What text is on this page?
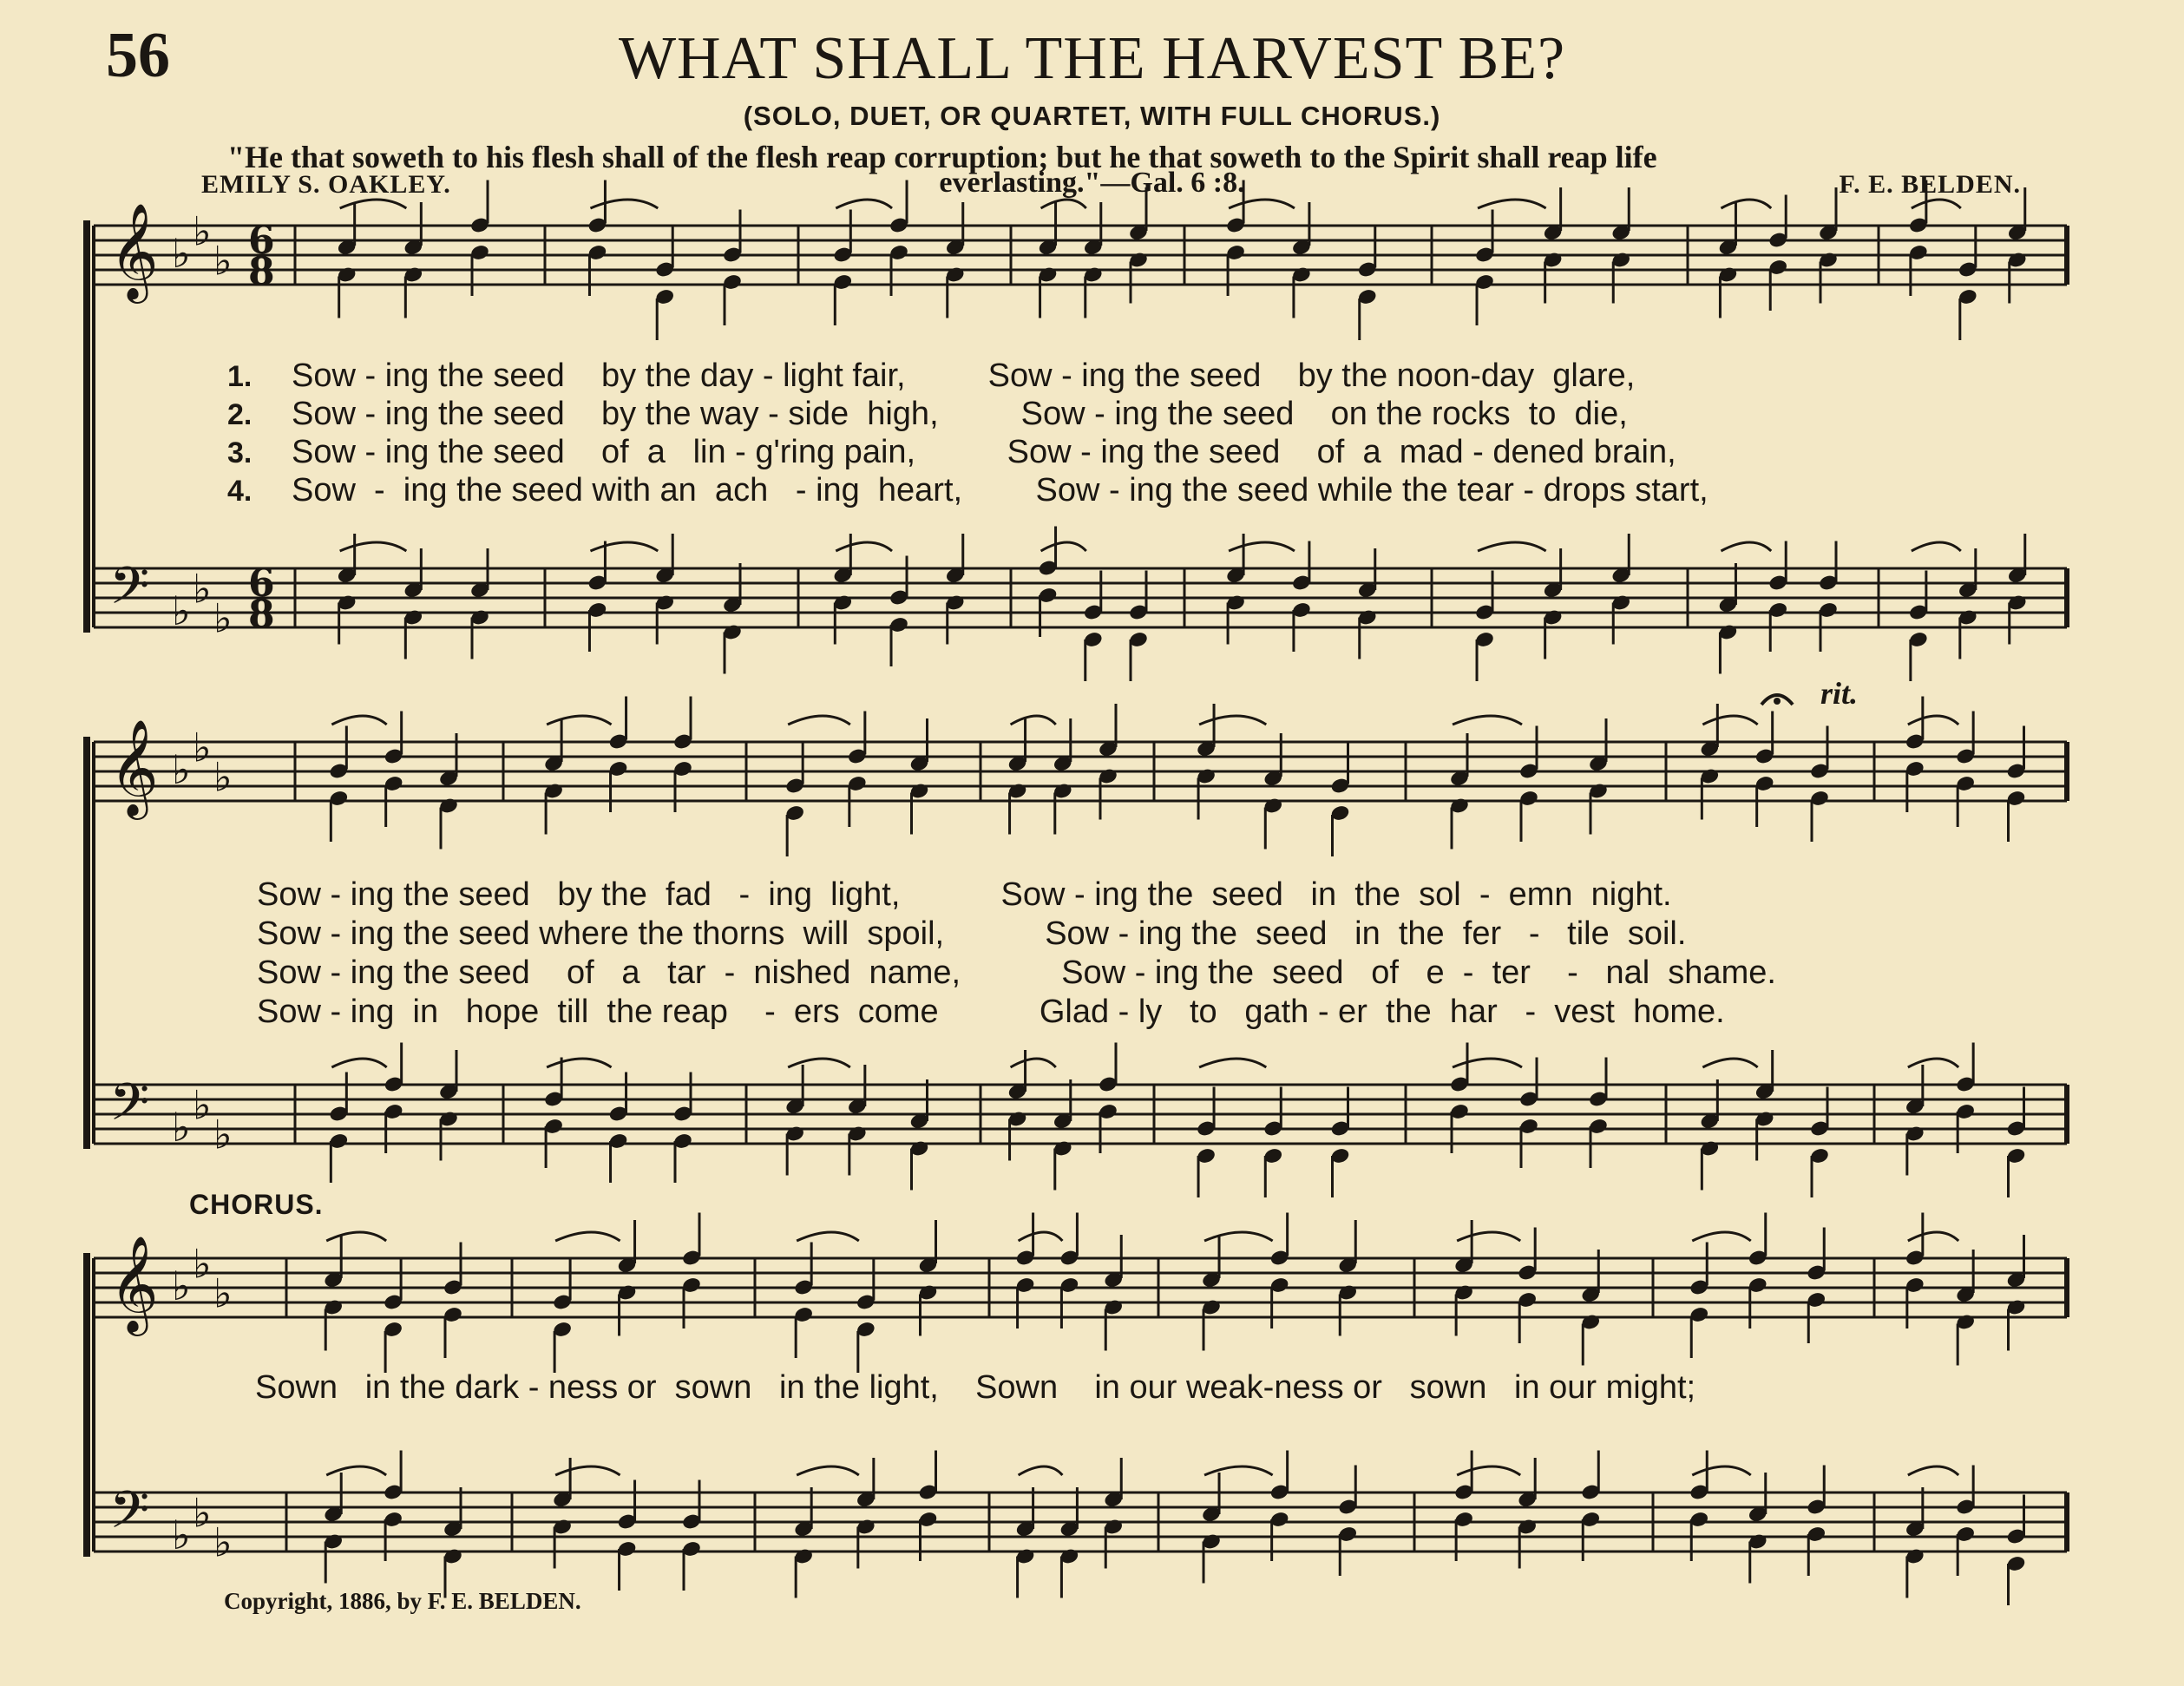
56	WHAT SHALL THE HARVEST BE?
(SOLO, DUET, OR QUARTET, WITH FULL CHORUS.)
"He that soweth to his flesh shall of the flesh reap corruption; but he that soweth to the Spirit shall reap life
everlasting."—Gal. 6 :8.
EMILY S. OAKLEY.	F. E. BELDEN.
𝄞
𝄢
♭
♭
♭
♭
♭
♭
6
8
6
8
𝄞
𝄢
♭
♭
♭
♭
♭
♭
𝄞
𝄢
♭
♭
♭
♭
♭
♭
1. Sow - ing the seed    by the day - light fair,         Sow - ing the seed    by the noon-day  glare,
2. Sow - ing the seed    by the way - side  high,         Sow - ing the seed    on the rocks  to  die,
3. Sow - ing the seed    of  a   lin - g'ring pain,          Sow - ing the seed    of  a  mad - dened brain,
4. Sow  -  ing the seed with an  ach   - ing  heart,        Sow - ing the seed while the tear - drops start,
Sow - ing the seed   by the  fad   -  ing  light,           Sow - ing the  seed   in  the  sol  -  emn  night.
Sow - ing the seed where the thorns  will  spoil,           Sow - ing the  seed   in  the  fer   -   tile  soil.
Sow - ing the seed    of   a   tar  -  nished  name,           Sow - ing the  seed   of   e  -  ter    -   nal  shame.
Sow - ing  in   hope  till  the reap    -  ers  come           Glad - ly   to   gath - er  the  har   -  vest  home.
Sown   in the dark - ness or  sown   in the light,    Sown    in our weak-ness or   sown   in our might;
rit.
CHORUS.
Copyright, 1886, by F. E. BELDEN.
